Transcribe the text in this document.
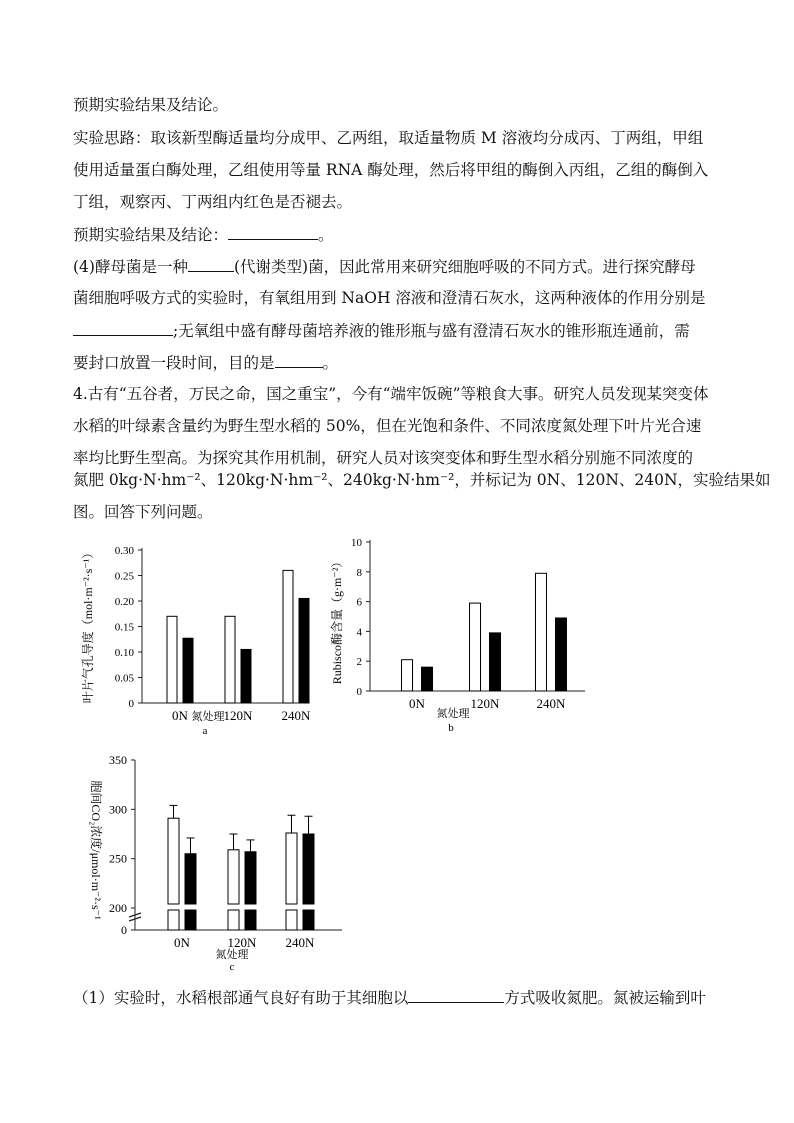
预期实验结果及结论。
实验思路：取该新型酶适量均分成甲、乙两组，取适量物质 M 溶液均分成丙、丁两组，甲组
使用适量蛋白酶处理，乙组使用等量 RNA 酶处理，然后将甲组的酶倒入丙组，乙组的酶倒入
丁组，观察丙、丁两组内红色是否褪去。
预期实验结果及结论：	。
(4)酵母菌是一种	(代谢类型)菌，因此常用来研究细胞呼吸的不同方式。进行探究酵母
菌细胞呼吸方式的实验时，有氧组用到 NaOH 溶液和澄清石灰水，这两种液体的作用分别是
;无氧组中盛有酵母菌培养液的锥形瓶与盛有澄清石灰水的锥形瓶连通前，需
要封口放置一段时间，目的是	。
4.古有“五谷者，万民之命，国之重宝”，今有“端牢饭碗”等粮食大事。研究人员发现某突变体
水稻的叶绿素含量约为野生型水稻的 50%，但在光饱和条件、不同浓度氮处理下叶片光合速
率均比野生型高。为探究其作用机制，研究人员对该突变体和野生型水稻分别施不同浓度的
氮肥 0kg·N·hm⁻²、120kg·N·hm⁻²、240kg·N·hm⁻²，并标记为 0N、120N、240N，实验结果如
图。回答下列问题。
（1）实验时，水稻根部通气良好有助于其细胞以	方式吸收氮肥。氮被运输到叶
0
0.05
0.10
0.15
0.20
0.25
0.30
0N	120N 240N
氮处理
a
叶片气孔导度（mol·m⁻²·s⁻¹）	0
2
4
6
8
10
0N	120N	240N
氮处理
b
Rubisco酶含量（g·m⁻²）
0
200
250
300
350
0N	120N 240N
氮处理
c
胞间CO₂浓度/μmol·m⁻²·s⁻¹
